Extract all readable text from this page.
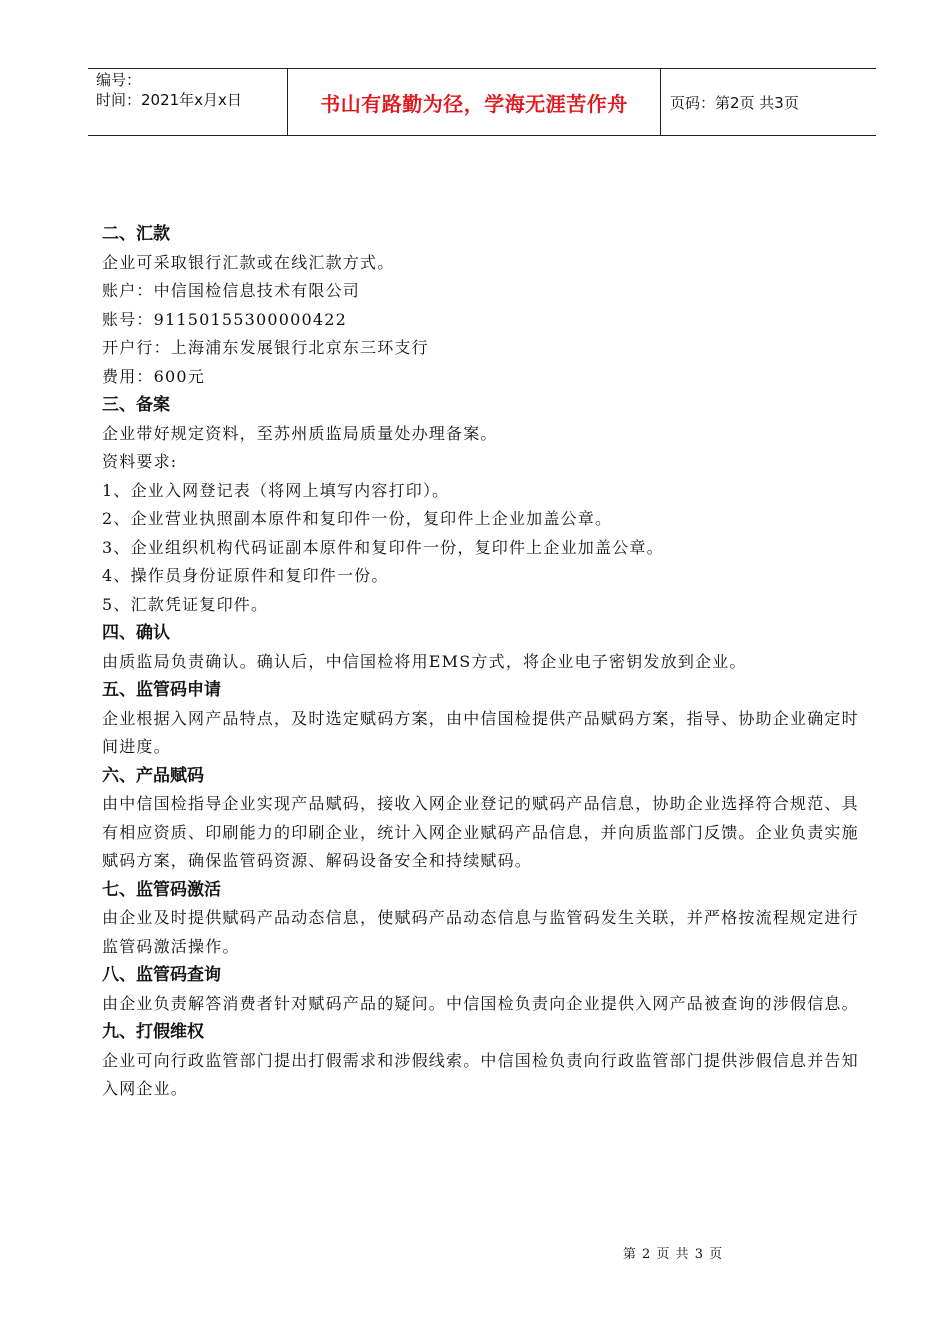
编号：
时间：2021年x月x日	书山有路勤为径，学海无涯苦作舟	页码：第2页 共3页
二、汇款

企业可采取银行汇款或在线汇款方式。

账户：中信国检信息技术有限公司

账号：91150155300000422

开户行：上海浦东发展银行北京东三环支行

费用：600元

三、备案

企业带好规定资料，至苏州质监局质量处办理备案。

资料要求:

1、企业入网登记表（将网上填写内容打印）。

2、企业营业执照副本原件和复印件一份，复印件上企业加盖公章。

3、企业组织机构代码证副本原件和复印件一份，复印件上企业加盖公章。

4、操作员身份证原件和复印件一份。

5、汇款凭证复印件。

四、确认

由质监局负责确认。确认后，中信国检将用EMS方式，将企业电子密钥发放到企业。

五、监管码申请

企业根据入网产品特点，及时选定赋码方案，由中信国检提供产品赋码方案，指导、协助企业确定时间进度。

六、产品赋码

由中信国检指导企业实现产品赋码，接收入网企业登记的赋码产品信息，协助企业选择符合规范、具有相应资质、印刷能力的印刷企业，统计入网企业赋码产品信息，并向质监部门反馈。企业负责实施赋码方案，确保监管码资源、解码设备安全和持续赋码。

七、监管码激活

由企业及时提供赋码产品动态信息，使赋码产品动态信息与监管码发生关联，并严格按流程规定进行监管码激活操作。

八、监管码查询

由企业负责解答消费者针对赋码产品的疑问。中信国检负责向企业提供入网产品被查询的涉假信息。

九、打假维权

企业可向行政监管部门提出打假需求和涉假线索。中信国检负责向行政监管部门提供涉假信息并告知入网企业。

第 2 页 共 3 页
